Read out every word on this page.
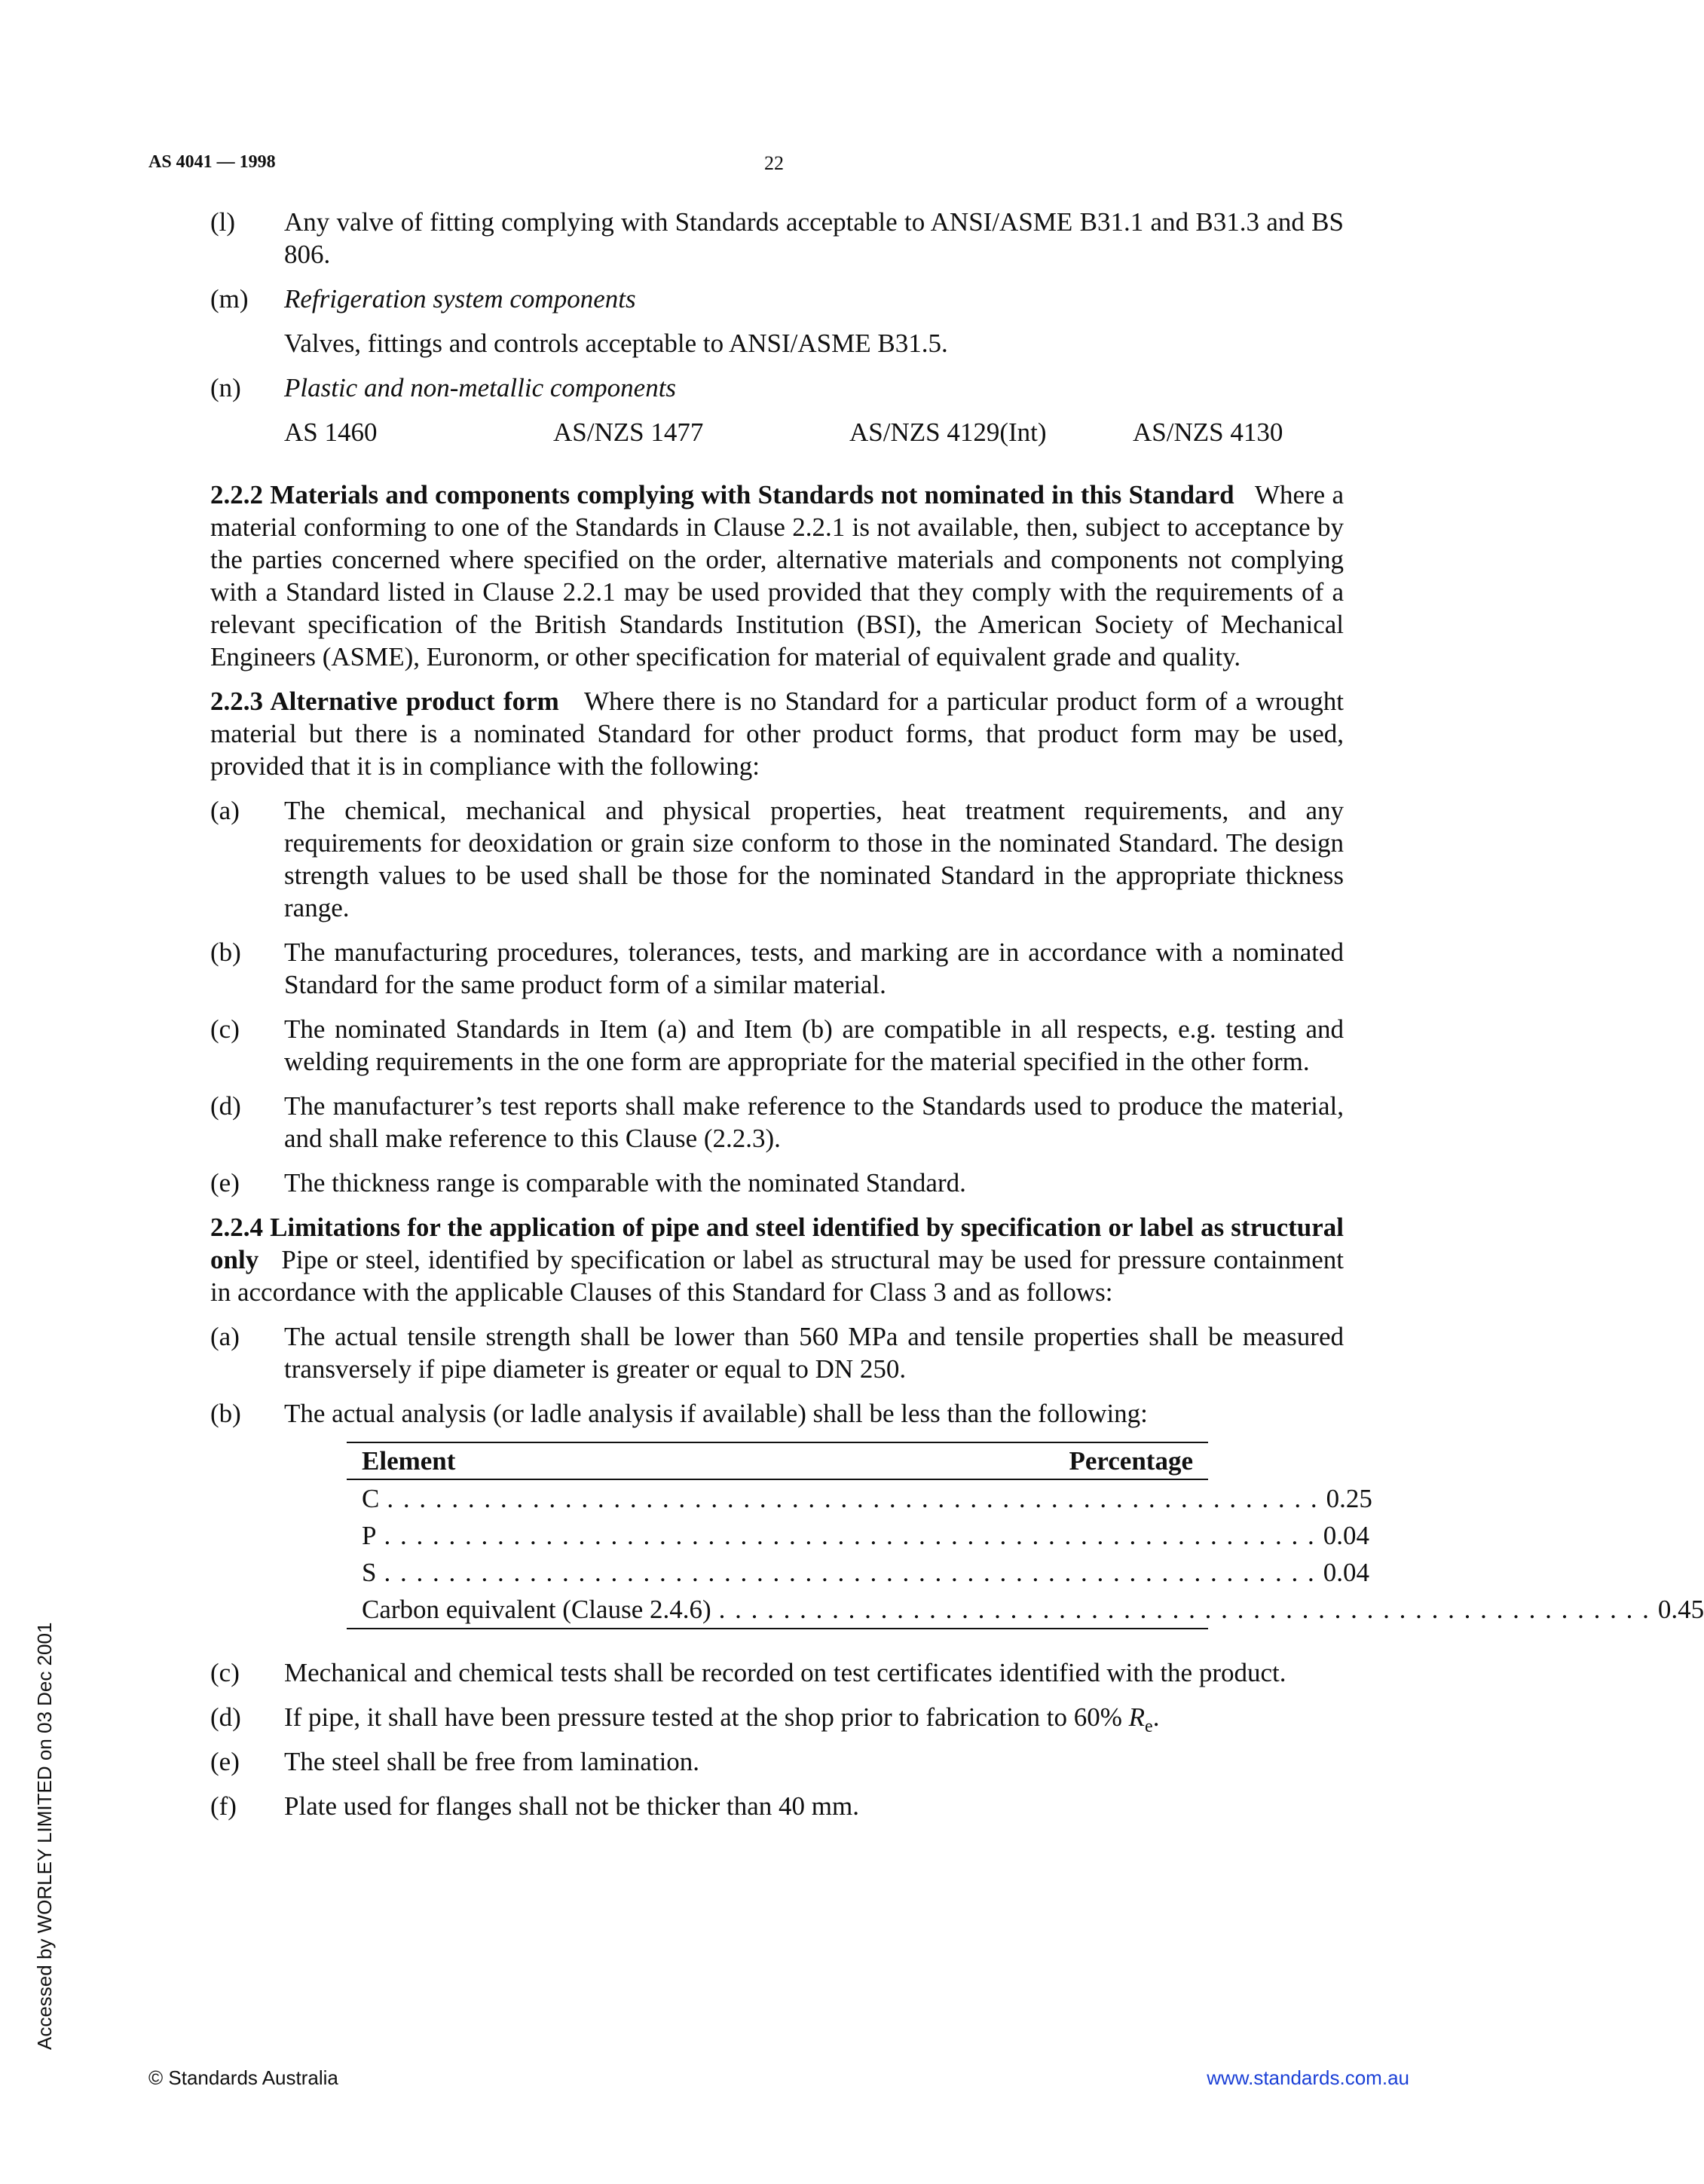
AS 4041 — 1998	22
(l) Any valve of fitting complying with Standards acceptable to ANSI/ASME B31.1 and B31.3 and BS 806.
(m) Refrigeration system components
Valves, fittings and controls acceptable to ANSI/ASME B31.5.
(n) Plastic and non-metallic components
AS 1460	AS/NZS 1477	AS/NZS 4129(Int)	AS/NZS 4130
2.2.2 Materials and components complying with Standards not nominated in this Standard Where a material conforming to one of the Standards in Clause 2.2.1 is not available, then, subject to acceptance by the parties concerned where specified on the order, alternative materials and components not complying with a Standard listed in Clause 2.2.1 may be used provided that they comply with the requirements of a relevant specification of the British Standards Institution (BSI), the American Society of Mechanical Engineers (ASME), Euronorm, or other specification for material of equivalent grade and quality.
2.2.3 Alternative product form Where there is no Standard for a particular product form of a wrought material but there is a nominated Standard for other product forms, that product form may be used, provided that it is in compliance with the following:
(a) The chemical, mechanical and physical properties, heat treatment requirements, and any requirements for deoxidation or grain size conform to those in the nominated Standard. The design strength values to be used shall be those for the nominated Standard in the appropriate thickness range.
(b) The manufacturing procedures, tolerances, tests, and marking are in accordance with a nominated Standard for the same product form of a similar material.
(c) The nominated Standards in Item (a) and Item (b) are compatible in all respects, e.g. testing and welding requirements in the one form are appropriate for the material specified in the other form.
(d) The manufacturer’s test reports shall make reference to the Standards used to produce the material, and shall make reference to this Clause (2.2.3).
(e) The thickness range is comparable with the nominated Standard.
2.2.4 Limitations for the application of pipe and steel identified by specification or label as structural only Pipe or steel, identified by specification or label as structural may be used for pressure containment in accordance with the applicable Clauses of this Standard for Class 3 and as follows:
(a) The actual tensile strength shall be lower than 560 MPa and tensile properties shall be measured transversely if pipe diameter is greater or equal to DN 250.
(b) The actual analysis (or ladle analysis if available) shall be less than the following:
Element	Percentage
C . . . . . . . . . . . . . . . . . . . . . . . . . . . . . . . . . . . . . . . . . . . . . . . . . . . . . . . . . . 0.25
P . . . . . . . . . . . . . . . . . . . . . . . . . . . . . . . . . . . . . . . . . . . . . . . . . . . . . . . . . . 0.04
S . . . . . . . . . . . . . . . . . . . . . . . . . . . . . . . . . . . . . . . . . . . . . . . . . . . . . . . . . . 0.04
Carbon equivalent (Clause 2.4.6) . . . . . . . . . . . . . . . . . . . . . . . . . . . . . . . . . . . . . . . . . . . . . . . . . . . . . . . . . . 0.45
(c) Mechanical and chemical tests shall be recorded on test certificates identified with the product.
(d) If pipe, it shall have been pressure tested at the shop prior to fabrication to 60% $R_e$.
(e) The steel shall be free from lamination.
(f) Plate used for flanges shall not be thicker than 40 mm.
Accessed by WORLEY LIMITED on 03 Dec 2001
© Standards Australia	www.standards.com.au
